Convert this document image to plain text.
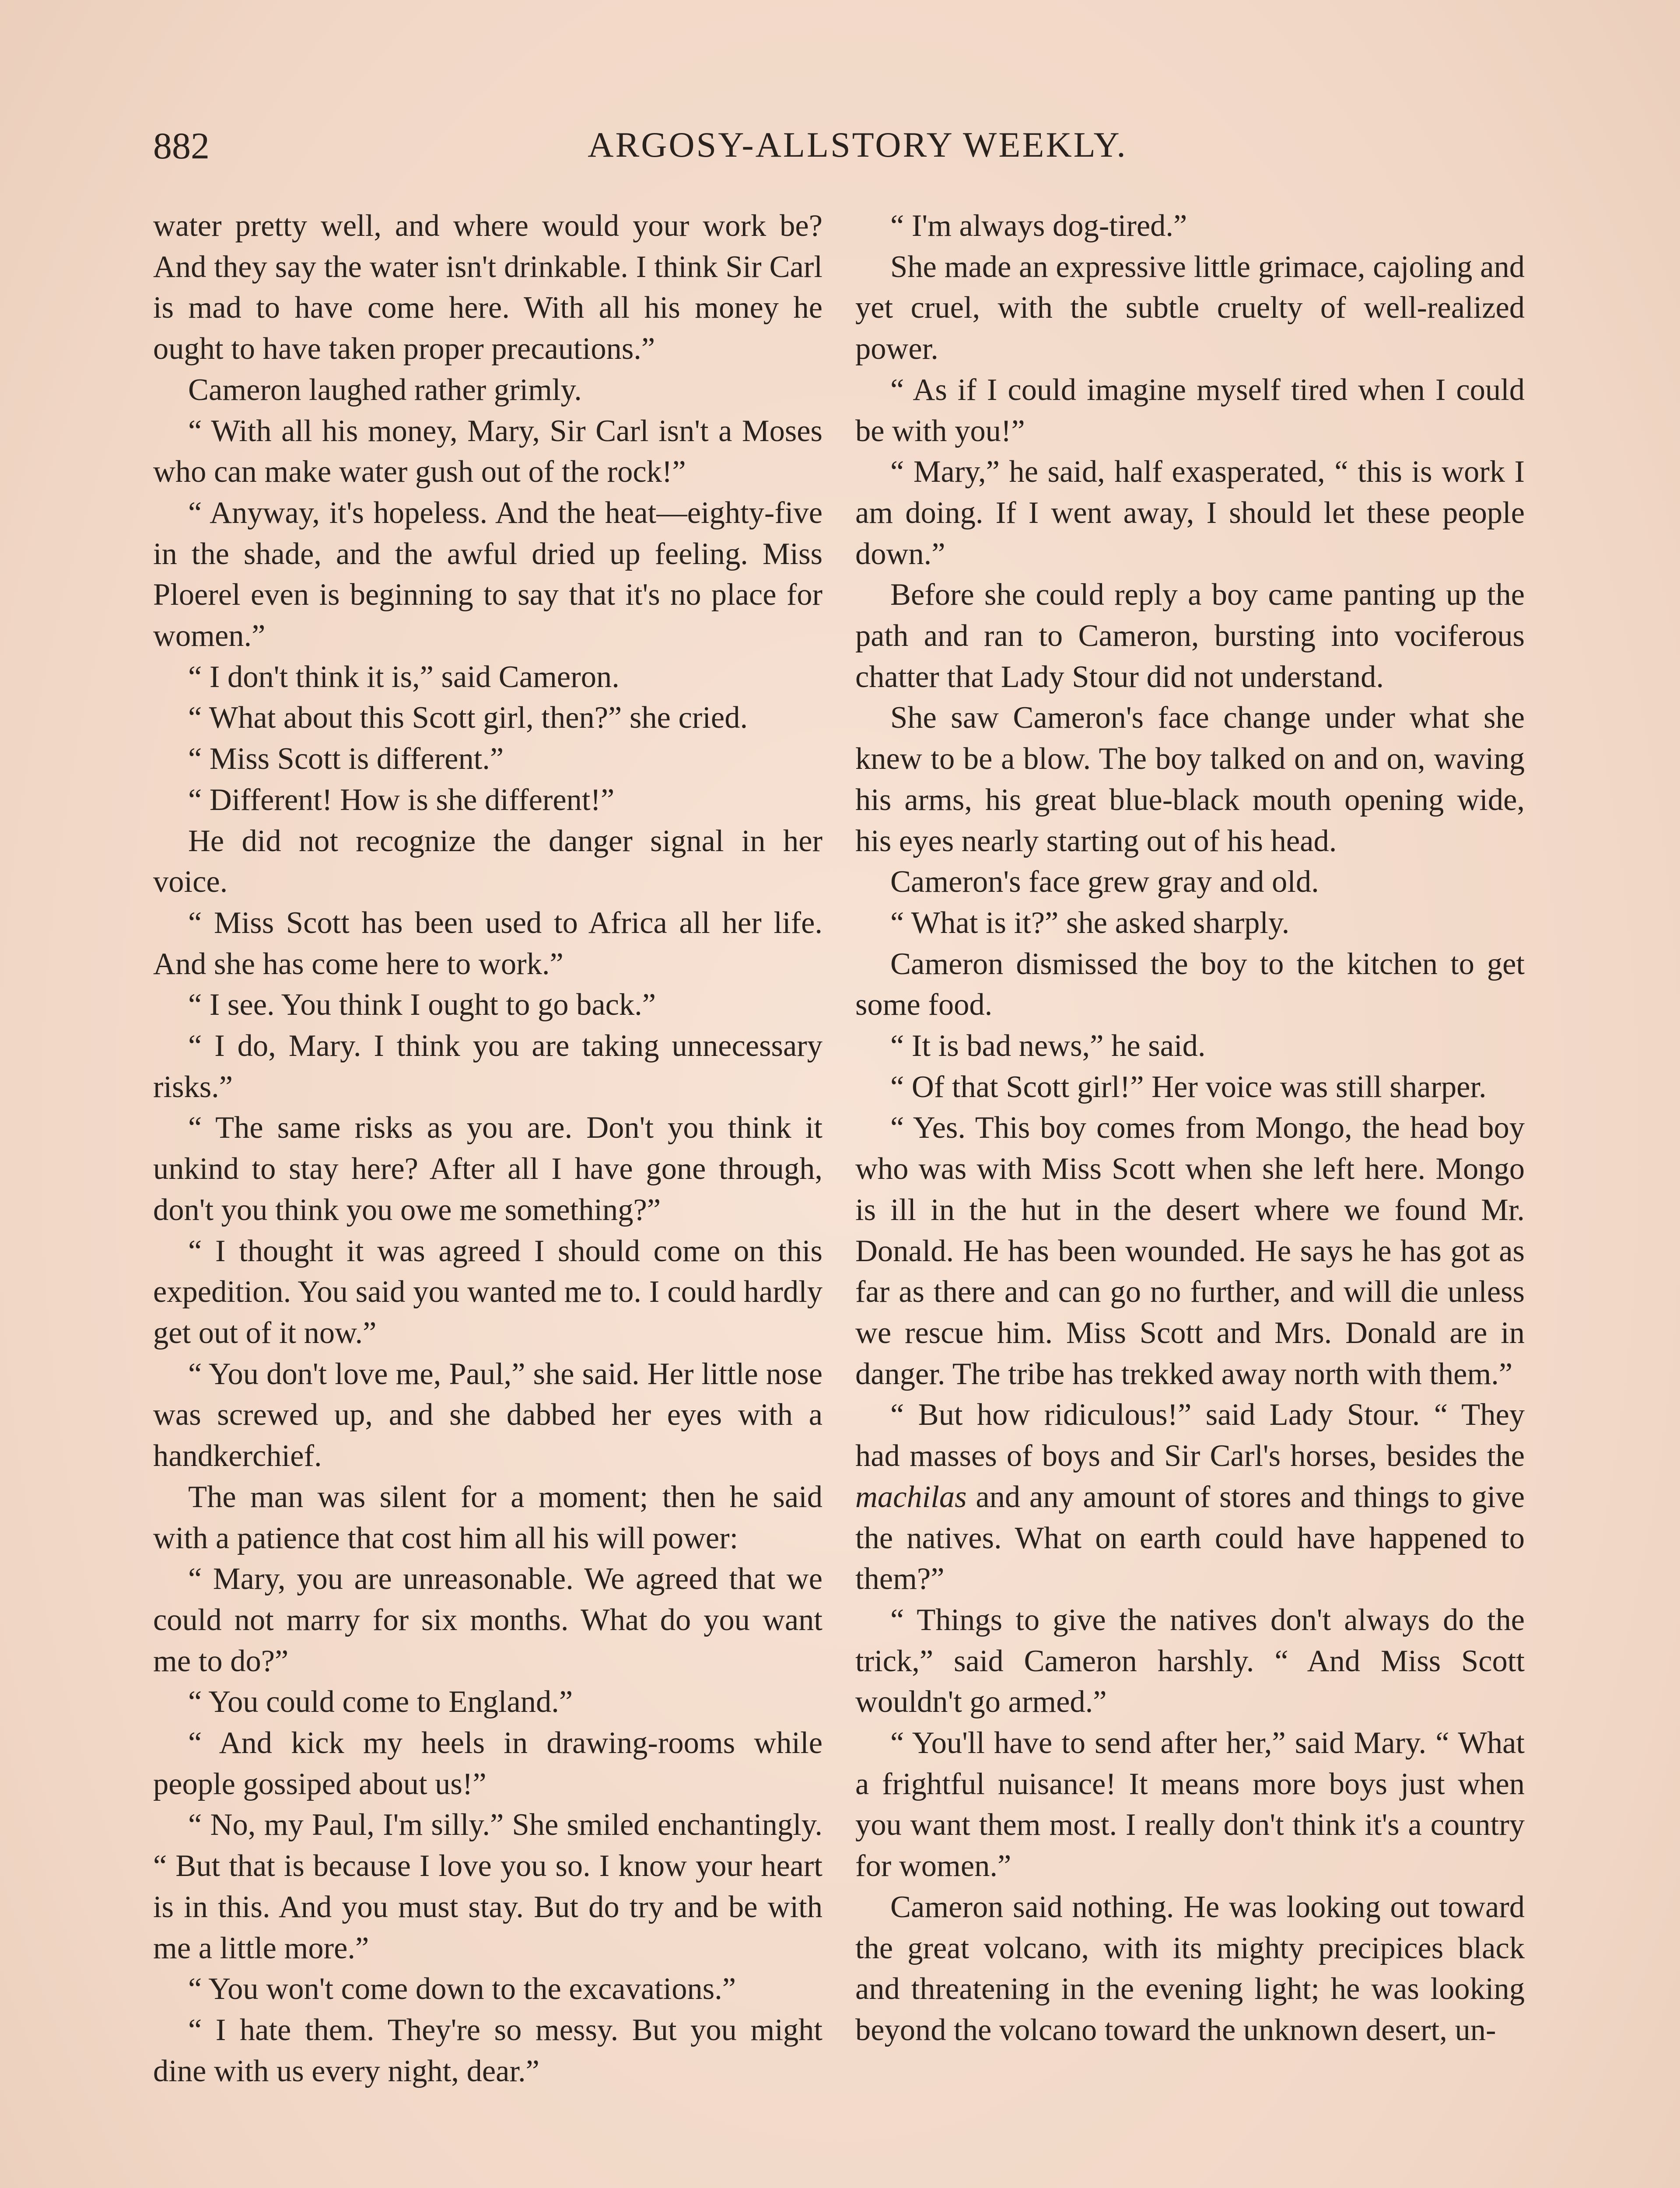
882	ARGOSY-ALLSTORY WEEKLY.

water pretty well, and where would your work be? And they say the water isn't drinkable. I think Sir Carl is mad to have come here. With all his money he ought to have taken proper precautions.”

Cameron laughed rather grimly.

“ With all his money, Mary, Sir Carl isn't a Moses who can make water gush out of the rock!”

“ Anyway, it's hopeless. And the heat—eighty-five in the shade, and the awful dried up feeling. Miss Ploerel even is beginning to say that it's no place for women.”

“ I don't think it is,” said Cameron.

“ What about this Scott girl, then?” she cried.

“ Miss Scott is different.”

“ Different! How is she different!”

He did not recognize the danger signal in her voice.

“ Miss Scott has been used to Africa all her life. And she has come here to work.”

“ I see. You think I ought to go back.”

“ I do, Mary. I think you are taking unnecessary risks.”

“ The same risks as you are. Don't you think it unkind to stay here? After all I have gone through, don't you think you owe me something?”

“ I thought it was agreed I should come on this expedition. You said you wanted me to. I could hardly get out of it now.”

“ You don't love me, Paul,” she said. Her little nose was screwed up, and she dabbed her eyes with a handkerchief.

The man was silent for a moment; then he said with a patience that cost him all his will power:

“ Mary, you are unreasonable. We agreed that we could not marry for six months. What do you want me to do?”

“ You could come to England.”

“ And kick my heels in drawing-rooms while people gossiped about us!”

“ No, my Paul, I'm silly.” She smiled enchantingly. “ But that is because I love you so. I know your heart is in this. And you must stay. But do try and be with me a little more.”

“ You won't come down to the excavations.”

“ I hate them. They're so messy. But you might dine with us every night, dear.”

“ I'm always dog-tired.”

She made an expressive little grimace, cajoling and yet cruel, with the subtle cruelty of well-realized power.

“ As if I could imagine myself tired when I could be with you!”

“ Mary,” he said, half exasperated, “ this is work I am doing. If I went away, I should let these people down.”

Before she could reply a boy came panting up the path and ran to Cameron, bursting into vociferous chatter that Lady Stour did not understand.

She saw Cameron's face change under what she knew to be a blow. The boy talked on and on, waving his arms, his great blue-black mouth opening wide, his eyes nearly starting out of his head.

Cameron's face grew gray and old.

“ What is it?” she asked sharply.

Cameron dismissed the boy to the kitchen to get some food.

“ It is bad news,” he said.

“ Of that Scott girl!” Her voice was still sharper.

“ Yes. This boy comes from Mongo, the head boy who was with Miss Scott when she left here. Mongo is ill in the hut in the desert where we found Mr. Donald. He has been wounded. He says he has got as far as there and can go no further, and will die unless we rescue him. Miss Scott and Mrs. Donald are in danger. The tribe has trekked away north with them.”

“ But how ridiculous!” said Lady Stour. “ They had masses of boys and Sir Carl's horses, besides the machilas and any amount of stores and things to give the natives. What on earth could have happened to them?”

“ Things to give the natives don't always do the trick,” said Cameron harshly. “ And Miss Scott wouldn't go armed.”

“ You'll have to send after her,” said Mary. “ What a frightful nuisance! It means more boys just when you want them most. I really don't think it's a country for women.”

Cameron said nothing. He was looking out toward the great volcano, with its mighty precipices black and threatening in the evening light; he was looking beyond the volcano toward the unknown desert, un-
